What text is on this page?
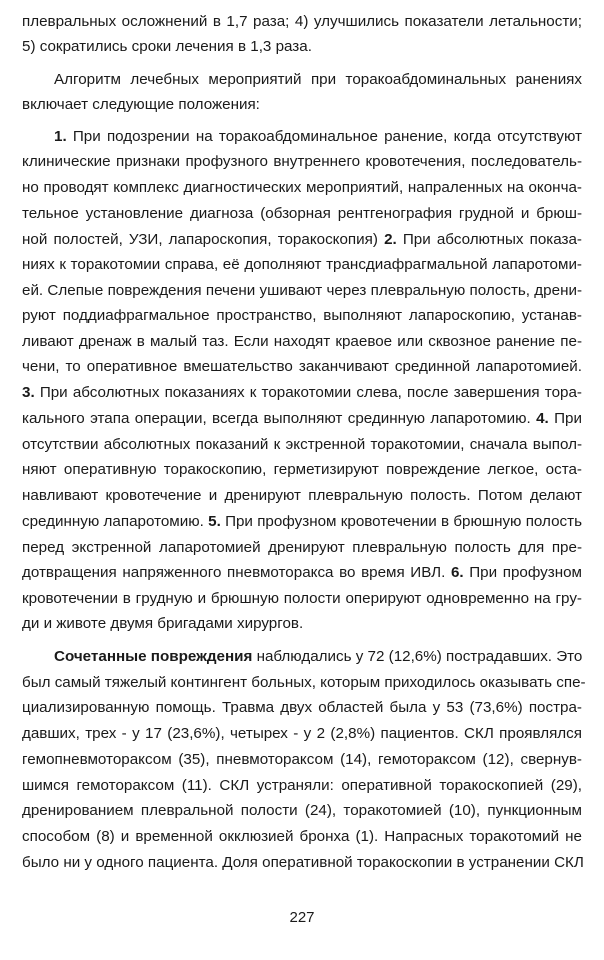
плевральных осложнений в 1,7 раза; 4) улучшились показатели летальности;
5) сократились сроки лечения в 1,3 раза.
Алгоритм лечебных мероприятий при торакоабдоминальных ранениях
включает следующие положения:
1. При подозрении на торакоабдоминальное ранение, когда отсутствуют
клинические признаки профузного внутреннего кровотечения, последователь-
но проводят комплекс диагностических мероприятий, напраленных на оконча-
тельное установление диагноза (обзорная рентгенография грудной и брюш-
ной полостей, УЗИ, лапароскопия, торакоскопия) 2. При абсолютных показа-
ниях к торакотомии справа, её дополняют трансдиафрагмальной лапаротоми-
ей. Слепые повреждения печени ушивают через плевральную полость, дрени-
руют поддиафрагмальное пространство, выполняют лапароскопию, устанав-
ливают дренаж в малый таз. Если находят краевое или сквозное ранение пе-
чени, то оперативное вмешательство заканчивают срединной лапаротомией.
3. При абсолютных показаниях к торакотомии слева, после завершения тора-
кального этапа операции, всегда выполняют срединную лапаротомию. 4. При
отсутствии абсолютных показаний к экстренной торакотомии, сначала выпол-
няют оперативную торакоскопию, герметизируют повреждение легкое, оста-
навливают кровотечение и дренируют плевральную полость. Потом делают
срединную лапаротомию. 5. При профузном кровотечении в брюшную полость
перед экстренной лапаротомией дренируют плевральную полость для пре-
дотвращения напряженного пневмоторакса во время ИВЛ. 6. При профузном
кровотечении в грудную и брюшную полости оперируют одновременно на гру-
ди и животе двумя бригадами хирургов.
Сочетанные повреждения наблюдались у 72 (12,6%) пострадавших. Это
был самый тяжелый контингент больных, которым приходилось оказывать спе-
циализированную помощь. Травма двух областей была у 53 (73,6%) постра-
давших, трех - у 17 (23,6%), четырех - у 2 (2,8%) пациентов. СКЛ проявлялся
гемопневмотораксом (35), пневмотораксом (14), гемотораксом (12), свернув-
шимся гемотораксом (11). СКЛ устраняли: оперативной торакоскопией (29),
дренированием плевральной полости (24), торакотомией (10), пункционным
способом (8) и временной окклюзией бронха (1). Напрасных торакотомий не
было ни у одного пациента. Доля оперативной торакоскопии в устранении СКЛ
227
